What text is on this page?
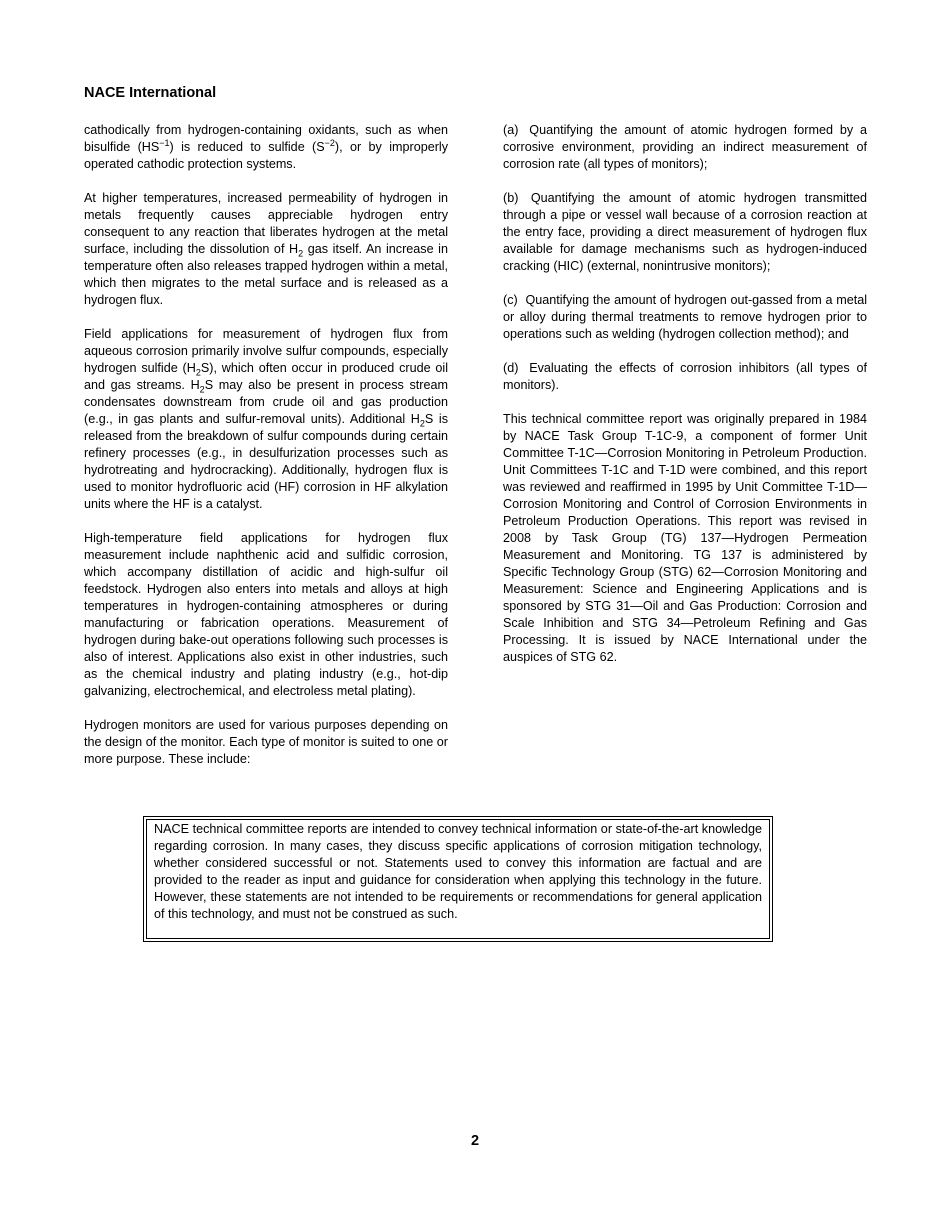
NACE International

cathodically from hydrogen-containing oxidants, such as when bisulfide $(HS^{-1})$ is reduced to sulfide $(S^{-2})$, or by improperly operated cathodic protection systems.

At higher temperatures, increased permeability of hydrogen in metals frequently causes appreciable hydrogen entry consequent to any reaction that liberates hydrogen at the metal surface, including the dissolution of $H_2$ gas itself. An increase in temperature often also releases trapped hydrogen within a metal, which then migrates to the metal surface and is released as a hydrogen flux.

Field applications for measurement of hydrogen flux from aqueous corrosion primarily involve sulfur compounds, especially hydrogen sulfide $(H_2S)$, which often occur in produced crude oil and gas streams. $H_2S$ may also be present in process stream condensates downstream from crude oil and gas production (e.g., in gas plants and sulfur-removal units). Additional $H_2S$ is released from the breakdown of sulfur compounds during certain refinery processes (e.g., in desulfurization processes such as hydrotreating and hydrocracking). Additionally, hydrogen flux is used to monitor hydrofluoric acid (HF) corrosion in HF alkylation units where the HF is a catalyst.

High-temperature field applications for hydrogen flux measurement include naphthenic acid and sulfidic corrosion, which accompany distillation of acidic and high-sulfur oil feedstock. Hydrogen also enters into metals and alloys at high temperatures in hydrogen-containing atmospheres or during manufacturing or fabrication operations. Measurement of hydrogen during bake-out operations following such processes is also of interest. Applications also exist in other industries, such as the chemical industry and plating industry (e.g., hot-dip galvanizing, electrochemical, and electroless metal plating).

Hydrogen monitors are used for various purposes depending on the design of the monitor. Each type of monitor is suited to one or more purpose. These include:

(a) Quantifying the amount of atomic hydrogen formed by a corrosive environment, providing an indirect measurement of corrosion rate (all types of monitors);

(b) Quantifying the amount of atomic hydrogen transmitted through a pipe or vessel wall because of a corrosion reaction at the entry face, providing a direct measurement of hydrogen flux available for damage mechanisms such as hydrogen-induced cracking (HIC) (external, nonintrusive monitors);

(c) Quantifying the amount of hydrogen out-gassed from a metal or alloy during thermal treatments to remove hydrogen prior to operations such as welding (hydrogen collection method); and

(d) Evaluating the effects of corrosion inhibitors (all types of monitors).

This technical committee report was originally prepared in 1984 by NACE Task Group T-1C-9, a component of former Unit Committee T-1C—Corrosion Monitoring in Petroleum Production. Unit Committees T-1C and T-1D were combined, and this report was reviewed and reaffirmed in 1995 by Unit Committee T-1D—Corrosion Monitoring and Control of Corrosion Environments in Petroleum Production Operations. This report was revised in 2008 by Task Group (TG) 137—Hydrogen Permeation Measurement and Monitoring. TG 137 is administered by Specific Technology Group (STG) 62—Corrosion Monitoring and Measurement: Science and Engineering Applications and is sponsored by STG 31—Oil and Gas Production: Corrosion and Scale Inhibition and STG 34—Petroleum Refining and Gas Processing. It is issued by NACE International under the auspices of STG 62.

NACE technical committee reports are intended to convey technical information or state-of-the-art knowledge regarding corrosion. In many cases, they discuss specific applications of corrosion mitigation technology, whether considered successful or not. Statements used to convey this information are factual and are provided to the reader as input and guidance for consideration when applying this technology in the future. However, these statements are not intended to be requirements or recommendations for general application of this technology, and must not be construed as such.

2
